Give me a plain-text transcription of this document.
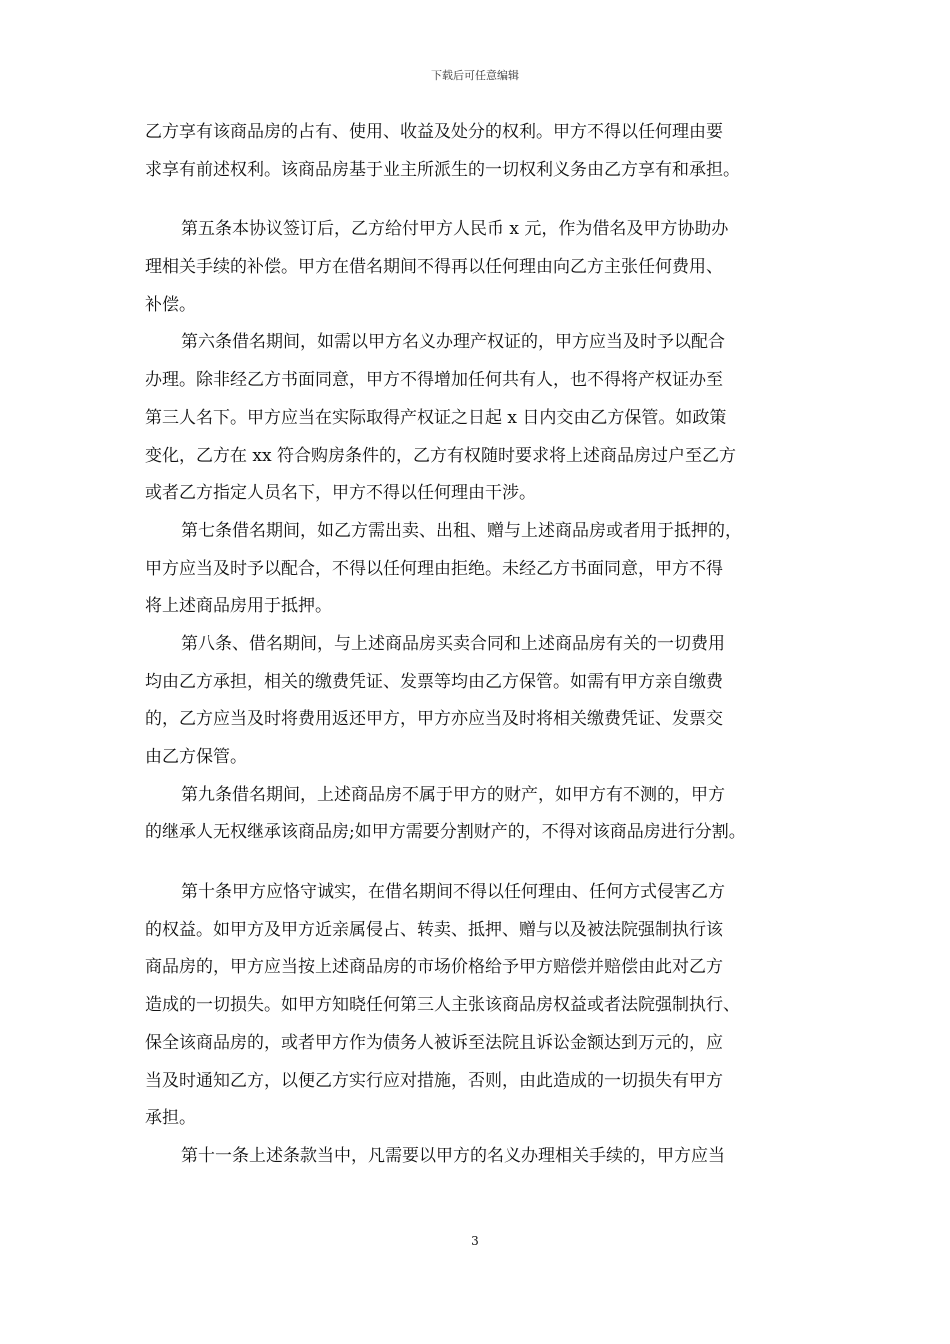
下载后可任意编辑
乙方享有该商品房的占有、使用、收益及处分的权利。甲方不得以任何理由要
求享有前述权利。该商品房基于业主所派生的一切权利义务由乙方享有和承担。
第五条本协议签订后，乙方给付甲方人民币 x 元，作为借名及甲方协助办
理相关手续的补偿。甲方在借名期间不得再以任何理由向乙方主张任何费用、
补偿。
第六条借名期间，如需以甲方名义办理产权证的，甲方应当及时予以配合
办理。除非经乙方书面同意，甲方不得增加任何共有人，也不得将产权证办至
第三人名下。甲方应当在实际取得产权证之日起 x 日内交由乙方保管。如政策
变化，乙方在 xx 符合购房条件的，乙方有权随时要求将上述商品房过户至乙方
或者乙方指定人员名下，甲方不得以任何理由干涉。
第七条借名期间，如乙方需出卖、出租、赠与上述商品房或者用于抵押的，
甲方应当及时予以配合，不得以任何理由拒绝。未经乙方书面同意，甲方不得
将上述商品房用于抵押。
第八条、借名期间，与上述商品房买卖合同和上述商品房有关的一切费用
均由乙方承担，相关的缴费凭证、发票等均由乙方保管。如需有甲方亲自缴费
的，乙方应当及时将费用返还甲方，甲方亦应当及时将相关缴费凭证、发票交
由乙方保管。
第九条借名期间，上述商品房不属于甲方的财产，如甲方有不测的，甲方
的继承人无权继承该商品房;如甲方需要分割财产的，不得对该商品房进行分割。
第十条甲方应恪守诚实，在借名期间不得以任何理由、任何方式侵害乙方
的权益。如甲方及甲方近亲属侵占、转卖、抵押、赠与以及被法院强制执行该
商品房的，甲方应当按上述商品房的市场价格给予甲方赔偿并赔偿由此对乙方
造成的一切损失。如甲方知晓任何第三人主张该商品房权益或者法院强制执行、
保全该商品房的，或者甲方作为债务人被诉至法院且诉讼金额达到万元的，应
当及时通知乙方，以便乙方实行应对措施，否则，由此造成的一切损失有甲方
承担。
第十一条上述条款当中，凡需要以甲方的名义办理相关手续的，甲方应当
3
